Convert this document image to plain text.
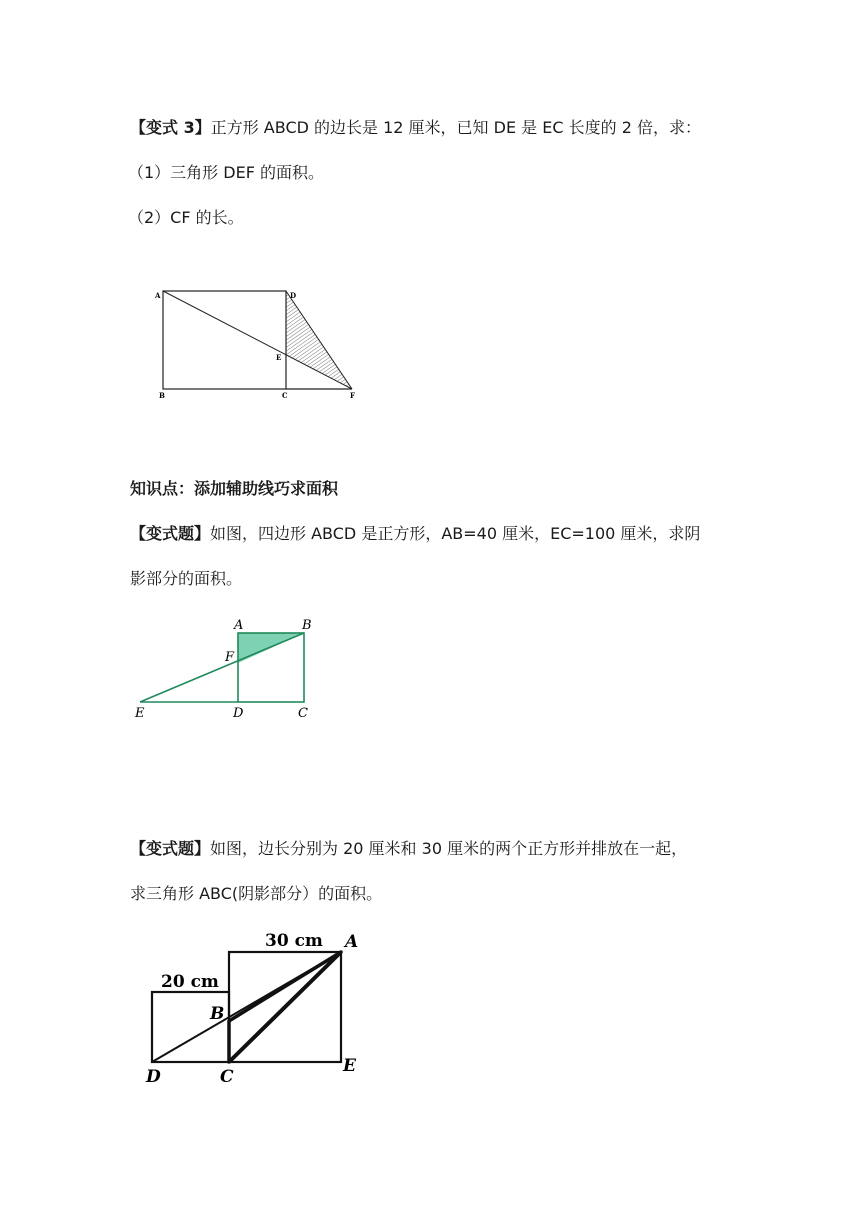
【变式 3】正方形 ABCD 的边长是 12 厘米，已知 DE 是 EC 长度的 2 倍，求：
（1）三角形 DEF 的面积。
（2）CF 的长。
A	D
E
B	C	F
知识点：添加辅助线巧求面积
【变式题】如图，四边形 ABCD 是正方形，AB=40 厘米，EC=100 厘米，求阴
影部分的面积。
A	B
F
E	D	C
【变式题】如图，边长分别为 20 厘米和 30 厘米的两个正方形并排放在一起，
求三角形 ABC(阴影部分）的面积。
30 cm
20 cm
A
B
D	C
E
